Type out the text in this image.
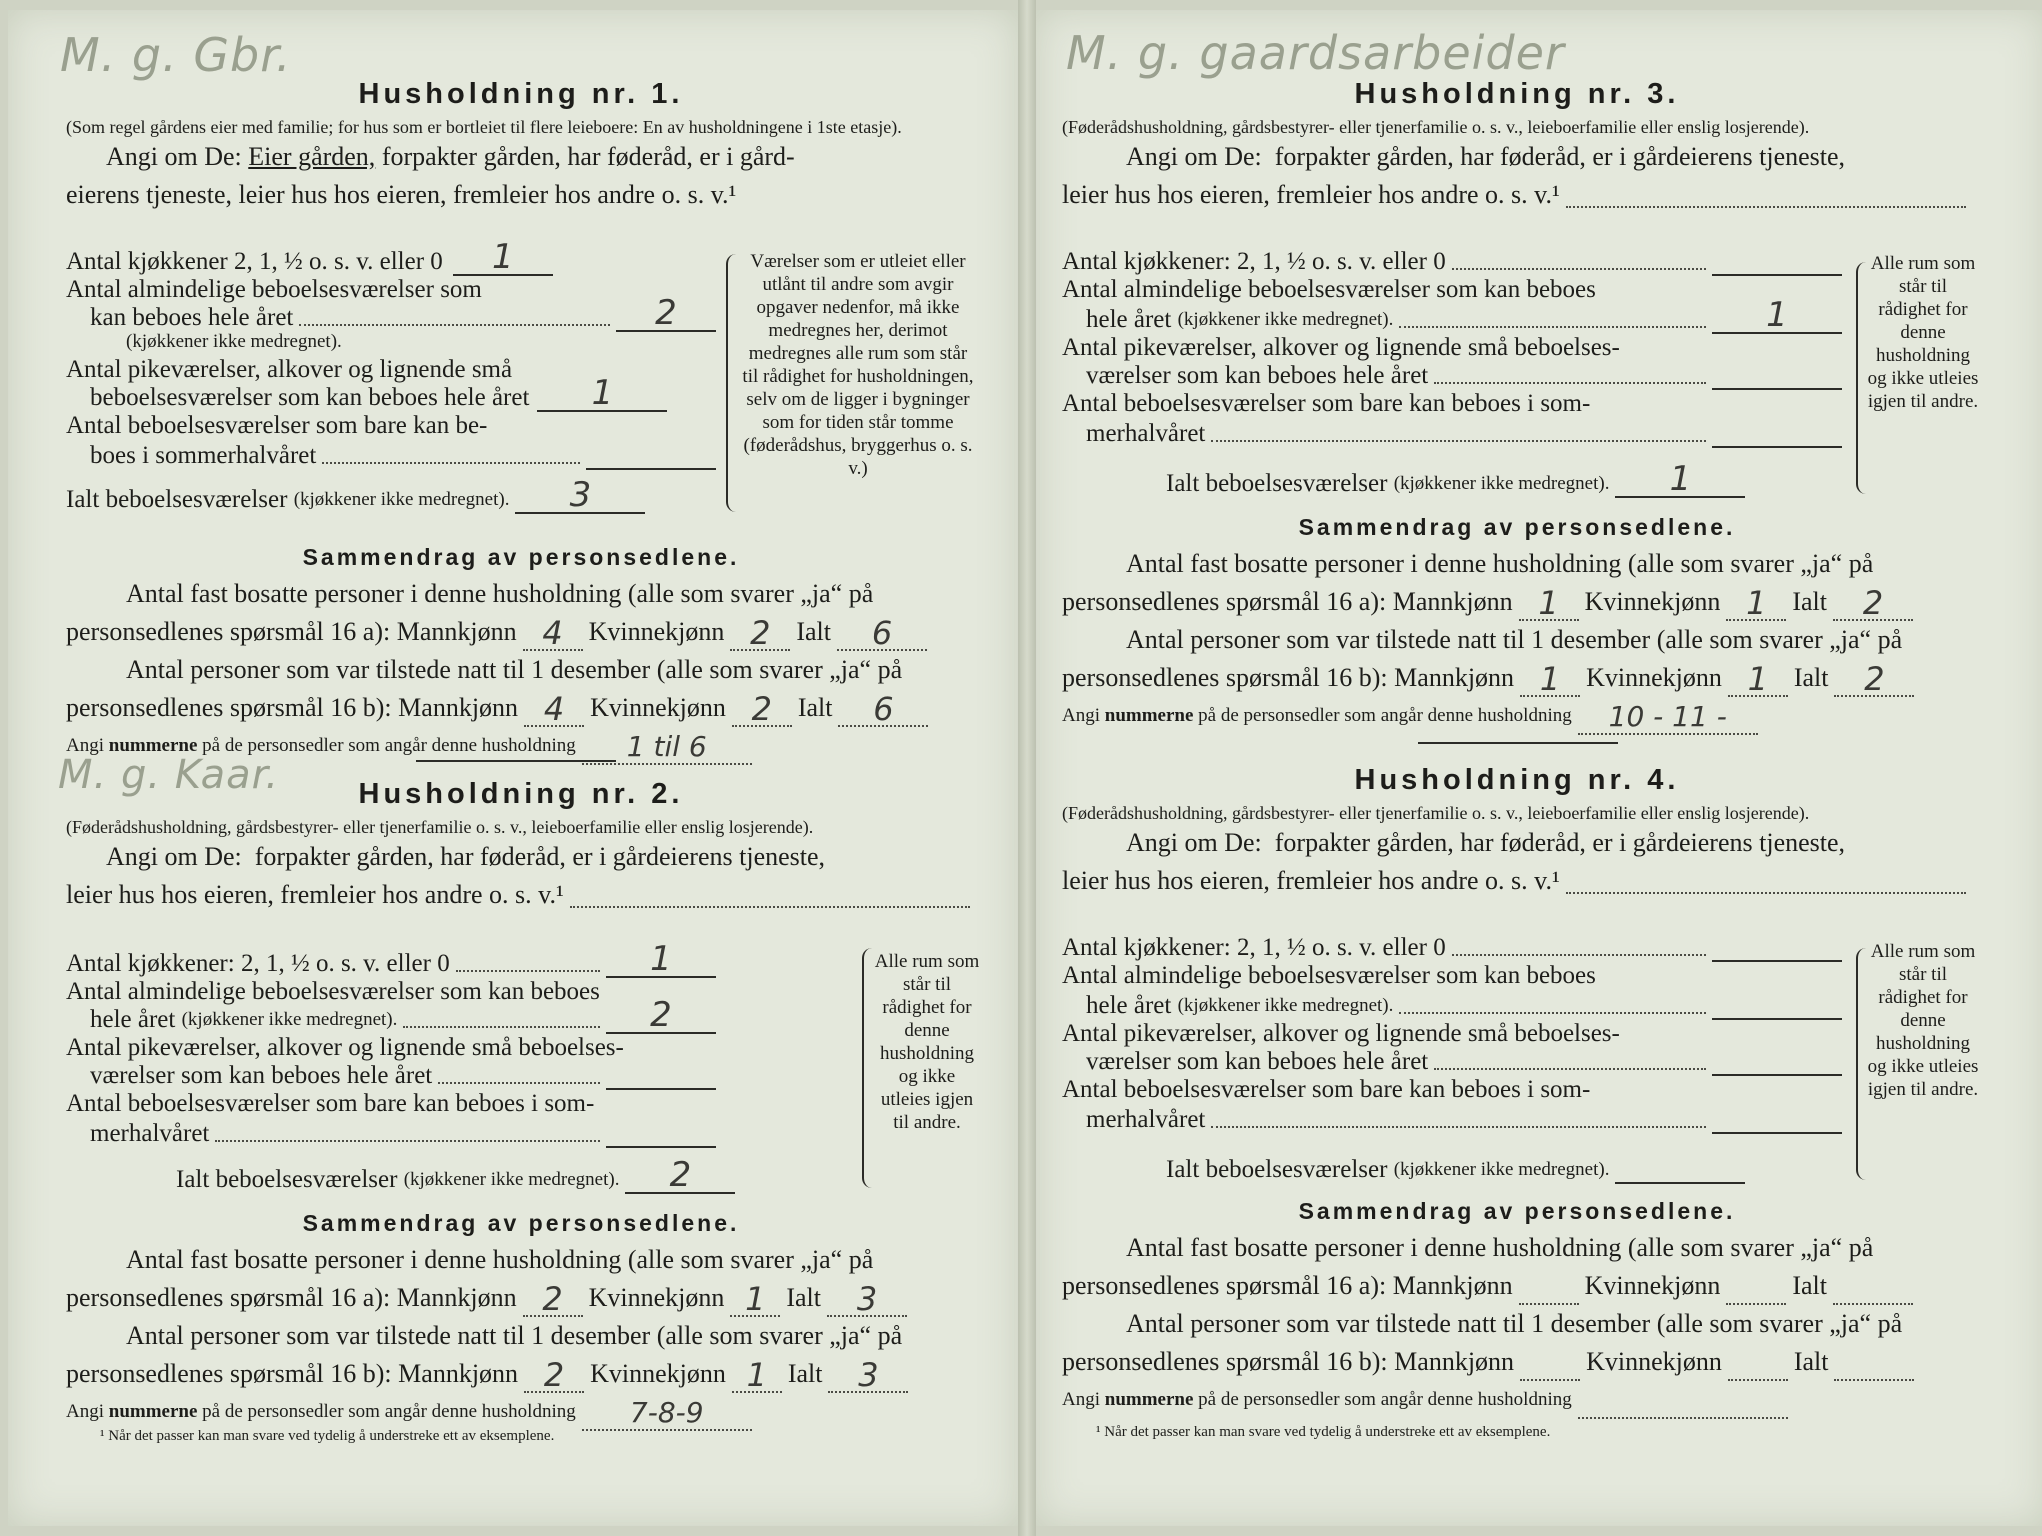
M. g. Gbr.
M. g. Kaar.
M. g. gaardsarbeider
Husholdning nr. 1.

(Som regel gårdens eier med familie; for hus som er bortleiet til flere leieboere: En av husholdningene i 1ste etasje).

Angi om De:
Eier gården,
forpakter gården, har føderåd, er i gård-
eierens tjeneste, leier hus hos eieren, fremleier hos andre o. s. v.¹
Antal kjøkkener 2, 1, ½ o. s. v. eller 0	1
Antal almindelige beboelsesværelser som
kan beboes hele året	2
(kjøkkener ikke medregnet).
Antal pikeværelser, alkover og lignende små
beboelsesværelser som kan beboes hele året	1
Antal beboelsesværelser som bare kan be-
boes i sommerhalvåret
Ialt beboelsesværelser
(kjøkkener ikke medregnet).	3
Værelser som er utleiet eller utlånt til andre som avgir opgaver nedenfor, må ikke medregnes her, derimot medregnes alle rum som står til rådighet for husholdningen, selv om de ligger i bygninger som for tiden står tomme (føderådshus, bryggerhus o. s. v.)
Sammendrag av personsedlene.
Antal fast bosatte personer i denne husholdning (alle som svarer „ja“ på
personsedlenes spørsmål 16 a):
Mannkjønn 4 Kvinnekjønn 2 Ialt	6
Antal personer som var tilstede natt til 1 desember (alle som svarer „ja“ på
personsedlenes spørsmål 16 b):
Mannkjønn 4 Kvinnekjønn 2 Ialt	6
Angi
nummerne
på de personsedler som angår denne husholdning	1 til 6
Husholdning nr. 2.

(Føderådshusholdning, gårdsbestyrer- eller tjenerfamilie o. s. v., leieboerfamilie eller enslig losjerende).

Angi om De:
forpakter gården, har føderåd, er i gårdeierens tjeneste,
leier hus hos eieren, fremleier hos andre o. s. v.¹
Antal kjøkkener: 2, 1, ½ o. s. v. eller 0	1
Antal almindelige beboelsesværelser som kan beboes
hele året
(kjøkkener ikke medregnet).	2
Antal pikeværelser, alkover og lignende små beboelses-
værelser som kan beboes hele året
Antal beboelsesværelser som bare kan beboes i som-
merhalvåret
Ialt beboelsesværelser
(kjøkkener ikke medregnet).	2
Alle rum som står til rådighet for denne husholdning og ikke utleies igjen til andre.
Sammendrag av personsedlene.
Antal fast bosatte personer i denne husholdning (alle som svarer „ja“ på
personsedlenes spørsmål 16 a):
Mannkjønn 2 Kvinnekjønn 1 Ialt	3
Antal personer som var tilstede natt til 1 desember (alle som svarer „ja“ på
personsedlenes spørsmål 16 b):
Mannkjønn 2 Kvinnekjønn 1 Ialt	3
Angi
nummerne
på de personsedler som angår denne husholdning	7-8-9
¹ Når det passer kan man svare ved tydelig å understreke ett av eksemplene.
Husholdning nr. 3.

(Føderådshusholdning, gårdsbestyrer- eller tjenerfamilie o. s. v., leieboerfamilie eller enslig losjerende).

Angi om De:
forpakter gården, har føderåd, er i gårdeierens tjeneste,
leier hus hos eieren, fremleier hos andre o. s. v.¹
Antal kjøkkener: 2, 1, ½ o. s. v. eller 0
Antal almindelige beboelsesværelser som kan beboes
hele året
(kjøkkener ikke medregnet).	1
Antal pikeværelser, alkover og lignende små beboelses-
værelser som kan beboes hele året
Antal beboelsesværelser som bare kan beboes i som-
merhalvåret
Ialt beboelsesværelser
(kjøkkener ikke medregnet).	1
Alle rum som står til rådighet for denne husholdning og ikke utleies igjen til andre.
Sammendrag av personsedlene.
Antal fast bosatte personer i denne husholdning (alle som svarer „ja“ på
personsedlenes spørsmål 16 a):
Mannkjønn 1 Kvinnekjønn 1 Ialt	2
Antal personer som var tilstede natt til 1 desember (alle som svarer „ja“ på
personsedlenes spørsmål 16 b):
Mannkjønn 1 Kvinnekjønn 1 Ialt	2
Angi
nummerne
på de personsedler som angår denne husholdning	10 - 11 -
Husholdning nr. 4.

(Føderådshusholdning, gårdsbestyrer- eller tjenerfamilie o. s. v., leieboerfamilie eller enslig losjerende).

Angi om De:
forpakter gården, har føderåd, er i gårdeierens tjeneste,
leier hus hos eieren, fremleier hos andre o. s. v.¹
Antal kjøkkener: 2, 1, ½ o. s. v. eller 0
Antal almindelige beboelsesværelser som kan beboes
hele året
(kjøkkener ikke medregnet).
Antal pikeværelser, alkover og lignende små beboelses-
værelser som kan beboes hele året
Antal beboelsesværelser som bare kan beboes i som-
merhalvåret
Ialt beboelsesværelser
(kjøkkener ikke medregnet).
Alle rum som står til rådighet for denne husholdning og ikke utleies igjen til andre.
Sammendrag av personsedlene.
Antal fast bosatte personer i denne husholdning (alle som svarer „ja“ på
personsedlenes spørsmål 16 a):
Mannkjønn	Kvinnekjønn	Ialt
Antal personer som var tilstede natt til 1 desember (alle som svarer „ja“ på
personsedlenes spørsmål 16 b):
Mannkjønn	Kvinnekjønn	Ialt
Angi
nummerne
på de personsedler som angår denne husholdning
¹ Når det passer kan man svare ved tydelig å understreke ett av eksemplene.
